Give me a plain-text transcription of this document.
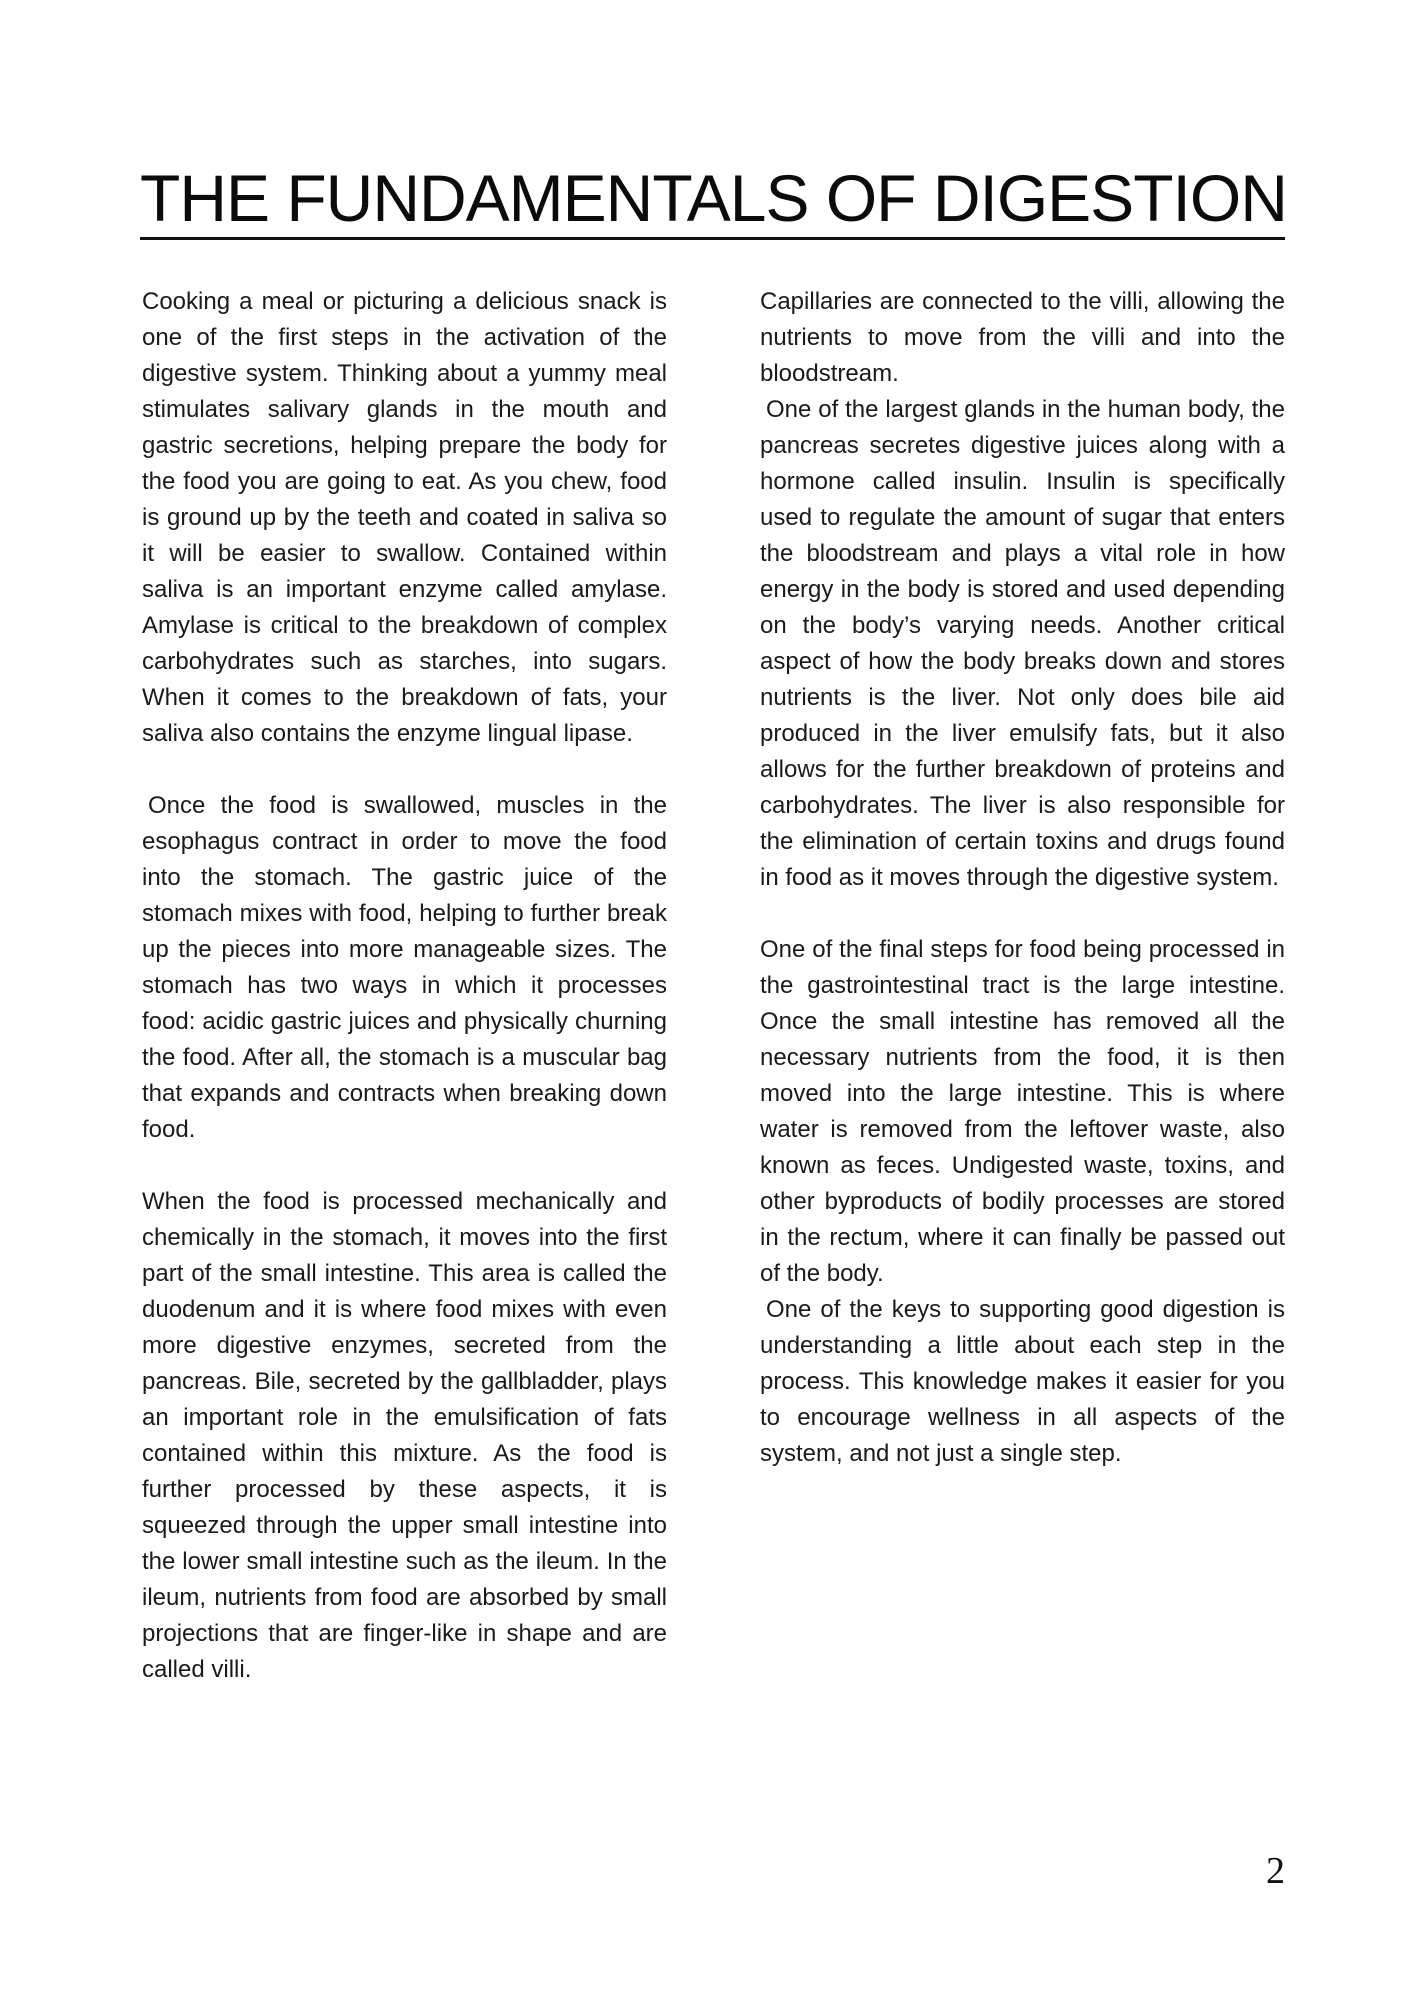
THE FUNDAMENTALS OF DIGESTION

Cooking a meal or picturing a delicious snack is one of the first steps in the activation of the digestive system. Thinking about a yummy meal stimulates salivary glands in the mouth and gastric secretions, helping prepare the body for the food you are going to eat. As you chew, food is ground up by the teeth and coated in saliva so it will be easier to swallow. Contained within saliva is an important enzyme called amylase. Amylase is critical to the breakdown of complex carbohydrates such as starches, into sugars. When it comes to the breakdown of fats, your saliva also contains the enzyme lingual lipase.

Once the food is swallowed, muscles in the esophagus contract in order to move the food into the stomach. The gastric juice of the stomach mixes with food, helping to further break up the pieces into more manageable sizes. The stomach has two ways in which it processes food: acidic gastric juices and physically churning the food. After all, the stomach is a muscular bag that expands and contracts when breaking down food.

When the food is processed mechanically and chemically in the stomach, it moves into the first part of the small intestine. This area is called the duodenum and it is where food mixes with even more digestive enzymes, secreted from the pancreas. Bile, secreted by the gallbladder, plays an important role in the emulsification of fats contained within this mixture. As the food is further processed by these aspects, it is squeezed through the upper small intestine into the lower small intestine such as the ileum. In the ileum, nutrients from food are absorbed by small projections that are finger-like in shape and are called villi.

Capillaries are connected to the villi, allowing the nutrients to move from the villi and into the bloodstream.

One of the largest glands in the human body, the pancreas secretes digestive juices along with a hormone called insulin. Insulin is specifically used to regulate the amount of sugar that enters the bloodstream and plays a vital role in how energy in the body is stored and used depending on the body’s varying needs. Another critical aspect of how the body breaks down and stores nutrients is the liver. Not only does bile aid produced in the liver emulsify fats, but it also allows for the further breakdown of proteins and carbohydrates. The liver is also responsible for the elimination of certain toxins and drugs found in food as it moves through the digestive system.

One of the final steps for food being processed in the gastrointestinal tract is the large intestine. Once the small intestine has removed all the necessary nutrients from the food, it is then moved into the large intestine. This is where water is removed from the leftover waste, also known as feces. Undigested waste, toxins, and other byproducts of bodily processes are stored in the rectum, where it can finally be passed out of the body.

One of the keys to supporting good digestion is understanding a little about each step in the process. This knowledge makes it easier for you to encourage wellness in all aspects of the system, and not just a single step.

2
